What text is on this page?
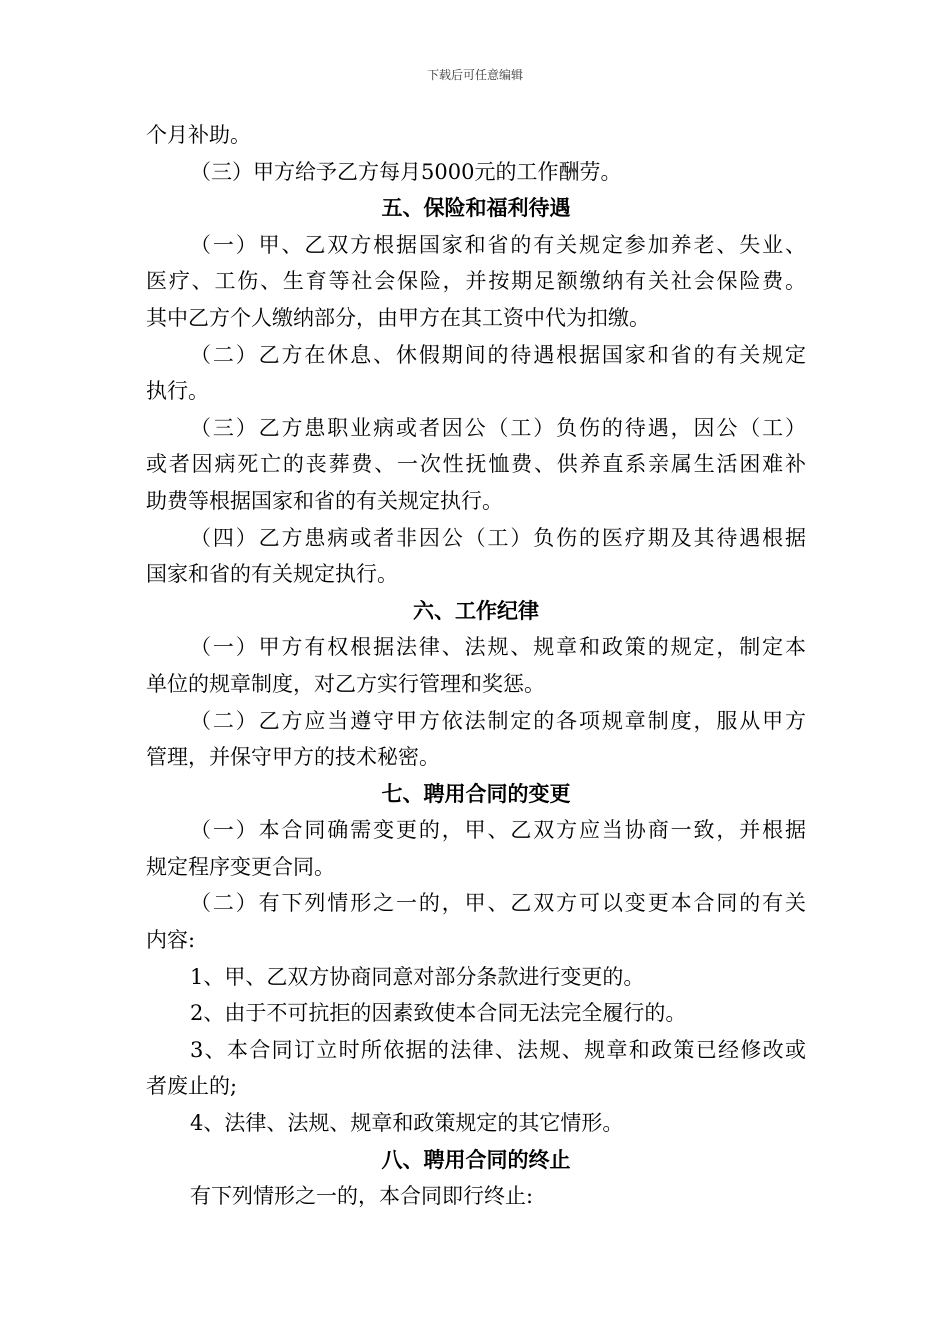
下载后可任意编辑
个月补助。
（三）甲方给予乙方每月5000元的工作酬劳。
五、保险和福利待遇
（一）甲、乙双方根据国家和省的有关规定参加养老、失业、
医疗、工伤、生育等社会保险，并按期足额缴纳有关社会保险费。
其中乙方个人缴纳部分，由甲方在其工资中代为扣缴。
（二）乙方在休息、休假期间的待遇根据国家和省的有关规定
执行。
（三）乙方患职业病或者因公（工）负伤的待遇，因公（工）
或者因病死亡的丧葬费、一次性抚恤费、供养直系亲属生活困难补
助费等根据国家和省的有关规定执行。
（四）乙方患病或者非因公（工）负伤的医疗期及其待遇根据
国家和省的有关规定执行。
六、工作纪律
（一）甲方有权根据法律、法规、规章和政策的规定，制定本
单位的规章制度，对乙方实行管理和奖惩。
（二）乙方应当遵守甲方依法制定的各项规章制度，服从甲方
管理，并保守甲方的技术秘密。
七、聘用合同的变更
（一）本合同确需变更的，甲、乙双方应当协商一致，并根据
规定程序变更合同。
（二）有下列情形之一的，甲、乙双方可以变更本合同的有关
内容:
1、甲、乙双方协商同意对部分条款进行变更的。
2、由于不可抗拒的因素致使本合同无法完全履行的。
3、本合同订立时所依据的法律、法规、规章和政策已经修改或
者废止的;
4、法律、法规、规章和政策规定的其它情形。
八、聘用合同的终止
有下列情形之一的，本合同即行终止:
